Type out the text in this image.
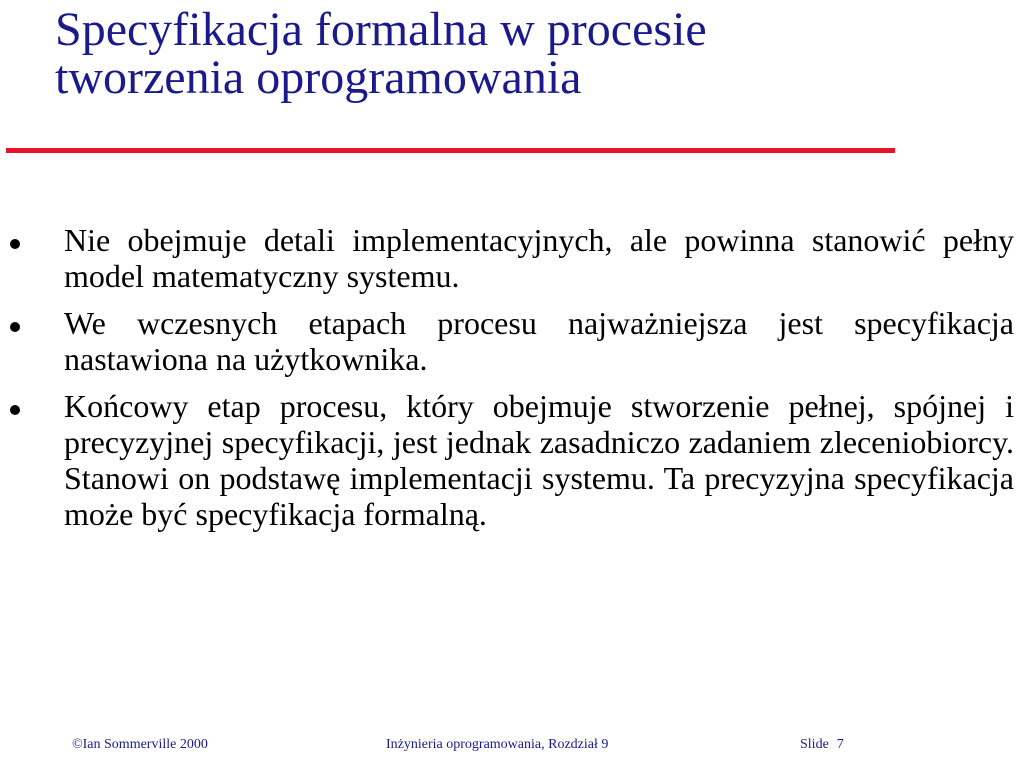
Specyfikacja formalna w procesie
tworzenia oprogramowania
Nie obejmuje detali implementacyjnych, ale powinna stanowić pełny model matematyczny systemu.
We wczesnych etapach procesu najważniejsza jest specyfikacja nastawiona na użytkownika.
Końcowy etap procesu, który obejmuje stworzenie pełnej, spójnej i precyzyjnej specyfikacji, jest jednak zasadniczo zadaniem zleceniobiorcy. Stanowi on podstawę implementacji systemu. Ta precyzyjna specyfikacja może być specyfikacja formalną.
©Ian Sommerville 2000	Inżynieria oprogramowania, Rozdział 9	Slide 7
